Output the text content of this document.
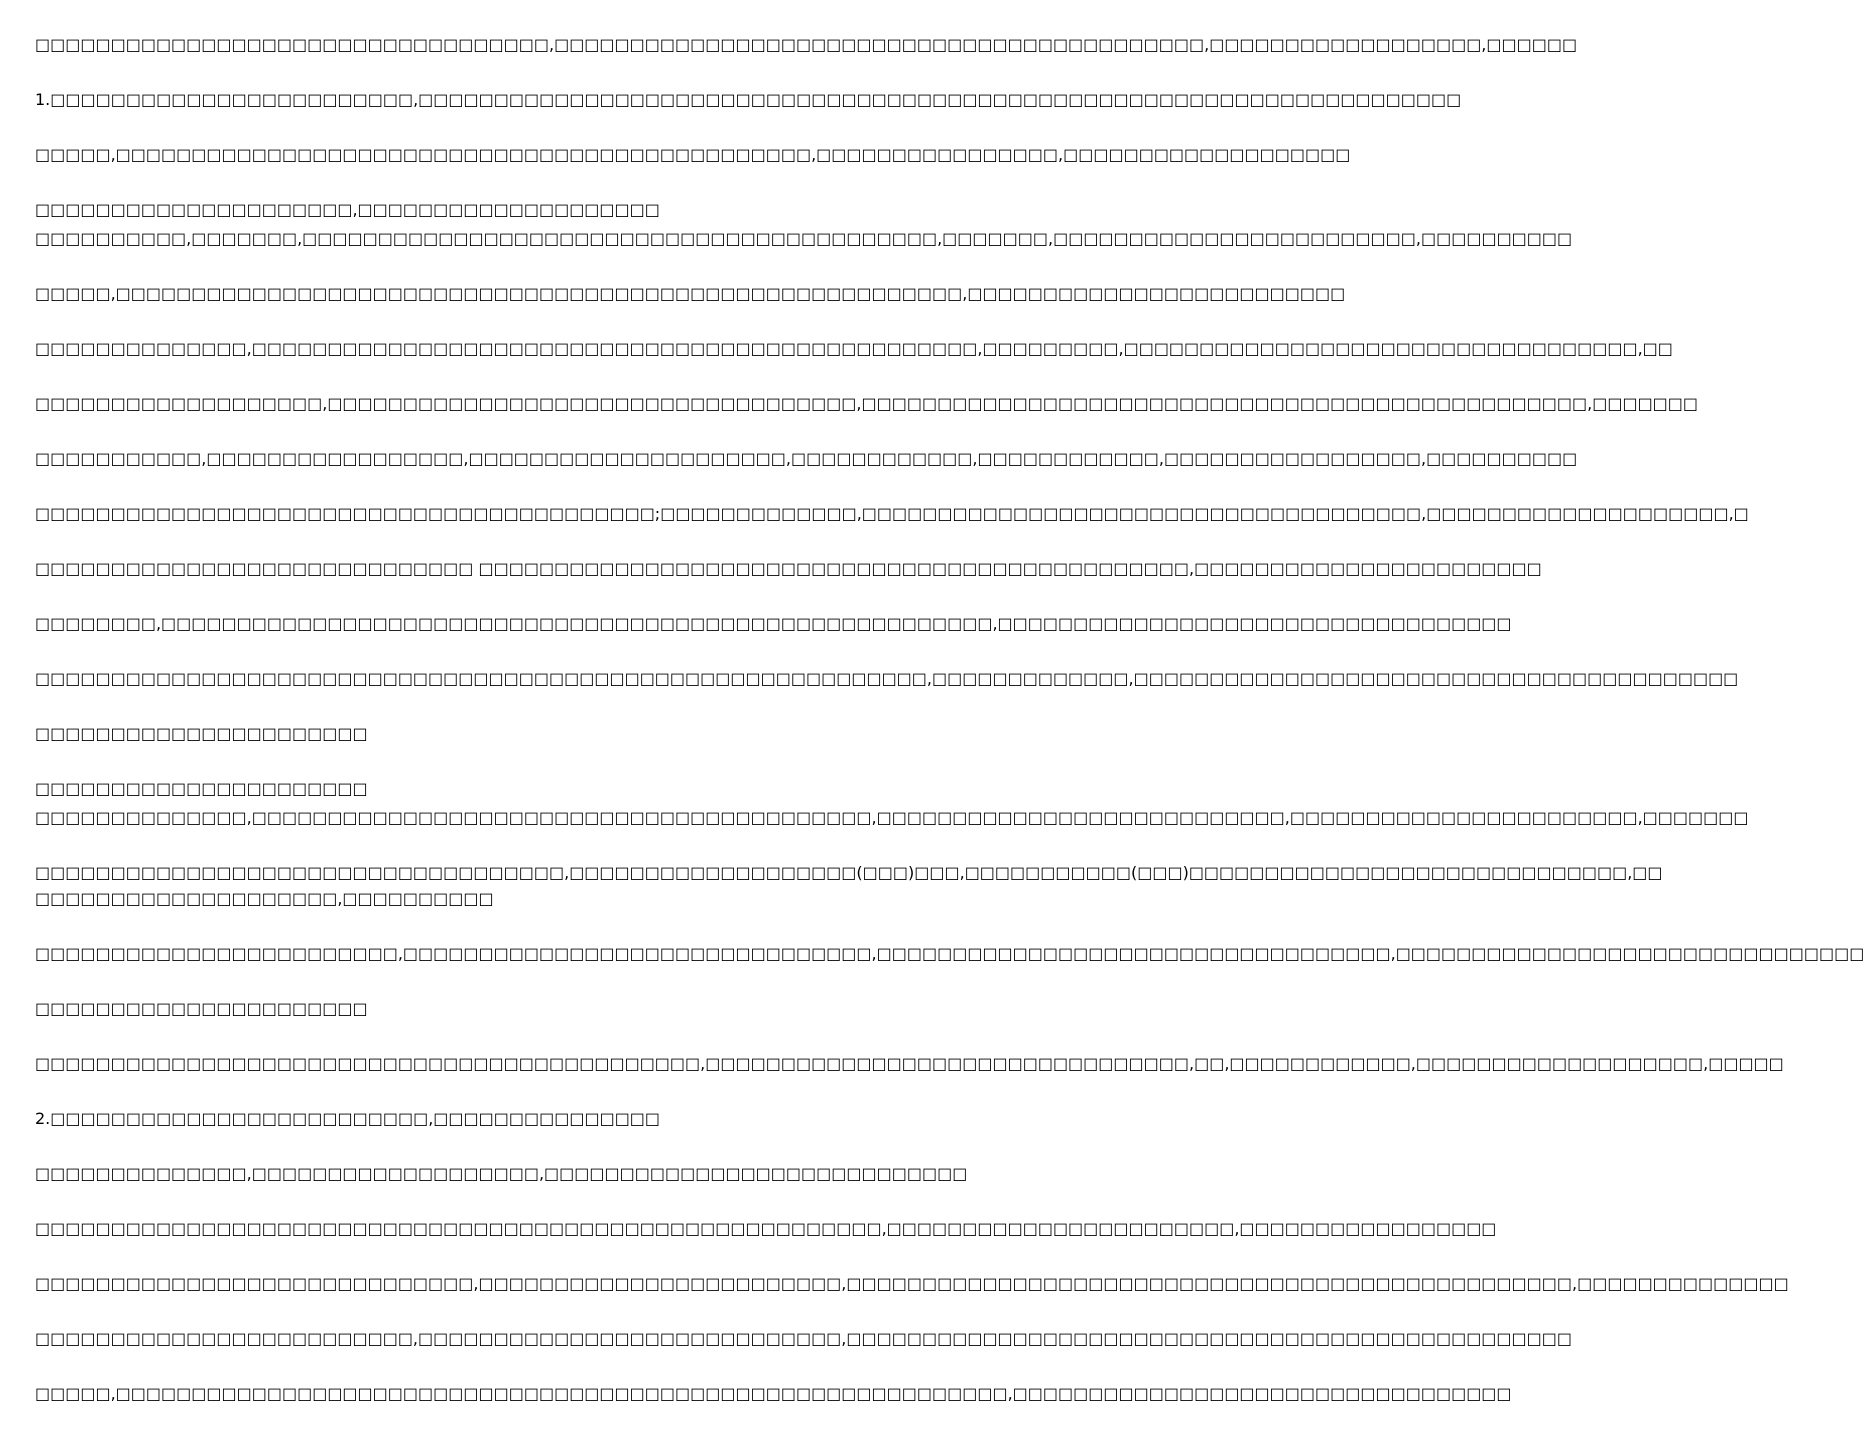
□□□□□□□□□□□□□□□□□□□□□□□□□□□□□□□□□□,□□□□□□□□□□□□□□□□□□□□□□□□□□□□□□□□□□□□□□□□□□□,□□□□□□□□□□□□□□□□□□,□□□□□□
1.□□□□□□□□□□□□□□□□□□□□□□□□,□□□□□□□□□□□□□□□□□□□□□□□□□□□□□□□□□□□□□□□□□□□□□□□□□□□□□□□□□□□□□□□□□□□□□
□□□□□,□□□□□□□□□□□□□□□□□□□□□□□□□□□□□□□□□□□□□□□□□□□□□□,□□□□□□□□□□□□□□□□,□□□□□□□□□□□□□□□□□□□
□□□□□□□□□□□□□□□□□□□□□,□□□□□□□□□□□□□□□□□□□□
□□□□□□□□□□,□□□□□□□,□□□□□□□□□□□□□□□□□□□□□□□□□□□□□□□□□□□□□□□□□□,□□□□□□□,□□□□□□□□□□□□□□□□□□□□□□□□,□□□□□□□□□□
□□□□□,□□□□□□□□□□□□□□□□□□□□□□□□□□□□□□□□□□□□□□□□□□□□□□□□□□□□□□□□,□□□□□□□□□□□□□□□□□□□□□□□□□
□□□□□□□□□□□□□□,□□□□□□□□□□□□□□□□□□□□□□□□□□□□□□□□□□□□□□□□□□□□□□□□,□□□□□□□□□,□□□□□□□□□□□□□□□□□□□□□□□□□□□□□□□□□□,□□
□□□□□□□□□□□□□□□□□□□,□□□□□□□□□□□□□□□□□□□□□□□□□□□□□□□□□□□,□□□□□□□□□□□□□□□□□□□□□□□□□□□□□□□□□□□□□□□□□□□□□□□□,□□□□□□□
□□□□□□□□□□□,□□□□□□□□□□□□□□□□□,□□□□□□□□□□□□□□□□□□□□□,□□□□□□□□□□□□,□□□□□□□□□□□□,□□□□□□□□□□□□□□□□□,□□□□□□□□□□
□□□□□□□□□□□□□□□□□□□□□□□□□□□□□□□□□□□□□□□□□;□□□□□□□□□□□□□,□□□□□□□□□□□□□□□□□□□□□□□□□□□□□□□□□□□□□,□□□□□□□□□□□□□□□□□□□□,□
□□□□□□□□□□□□□□□□□□□□□□□□□□□□□ □□□□□□□□□□□□□□□□□□□□□□□□□□□□□□□□□□□□□□□□□□□□□□□,□□□□□□□□□□□□□□□□□□□□□□□
□□□□□□□□,□□□□□□□□□□□□□□□□□□□□□□□□□□□□□□□□□□□□□□□□□□□□□□□□□□□□□□□,□□□□□□□□□□□□□□□□□□□□□□□□□□□□□□□□□□
□□□□□□□□□□□□□□□□□□□□□□□□□□□□□□□□□□□□□□□□□□□□□□□□□□□□□□□□□□□,□□□□□□□□□□□□□,□□□□□□□□□□□□□□□□□□□□□□□□□□□□□□□□□□□□□□□□
□□□□□□□□□□□□□□□□□□□□□□
□□□□□□□□□□□□□□□□□□□□□□
□□□□□□□□□□□□□□,□□□□□□□□□□□□□□□□□□□□□□□□□□□□□□□□□□□□□□□□□,□□□□□□□□□□□□□□□□□□□□□□□□□□□,□□□□□□□□□□□□□□□□□□□□□□□,□□□□□□□
□□□□□□□□□□□□□□□□□□□□□□□□□□□□□□□□□□□,□□□□□□□□□□□□□□□□□□□(□□□)□□□,□□□□□□□□□□□(□□□)□□□□□□□□□□□□□□□□□□□□□□□□□□□□□,□□ □□□□□□□□□□□□□□□□□□□□,□□□□□□□□□□
□□□□□□□□□□□□□□□□□□□□□□□□,□□□□□□□□□□□□□□□□□□□□□□□□□□□□□□□,□□□□□□□□□□□□□□□□□□□□□□□□□□□□□□□□□□,□□□□□□□□□□□□□□□□□□□□□□□□□□□□□□□
□□□□□□□□□□□□□□□□□□□□□□
□□□□□□□□□□□□□□□□□□□□□□□□□□□□□□□□□□□□□□□□□□□□,□□□□□□□□□□□□□□□□□□□□□□□□□□□□□□□□,□□,□□□□□□□□□□□□,□□□□□□□□□□□□□□□□□□□,□□□□□
2.□□□□□□□□□□□□□□□□□□□□□□□□□,□□□□□□□□□□□□□□□
□□□□□□□□□□□□□□,□□□□□□□□□□□□□□□□□□□,□□□□□□□□□□□□□□□□□□□□□□□□□□□□
□□□□□□□□□□□□□□□□□□□□□□□□□□□□□□□□□□□□□□□□□□□□□□□□□□□□□□□□,□□□□□□□□□□□□□□□□□□□□□□□,□□□□□□□□□□□□□□□□□
□□□□□□□□□□□□□□□□□□□□□□□□□□□□□,□□□□□□□□□□□□□□□□□□□□□□□□,□□□□□□□□□□□□□□□□□□□□□□□□□□□□□□□□□□□□□□□□□□□□□□□□,□□□□□□□□□□□□□□
□□□□□□□□□□□□□□□□□□□□□□□□□,□□□□□□□□□□□□□□□□□□□□□□□□□□□□,□□□□□□□□□□□□□□□□□□□□□□□□□□□□□□□□□□□□□□□□□□□□□□□□
□□□□□,□□□□□□□□□□□□□□□□□□□□□□□□□□□□□□□□□□□□□□□□□□□□□□□□□□□□□□□□□□□,□□□□□□□□□□□□□□□□□□□□□□□□□□□□□□□□□
